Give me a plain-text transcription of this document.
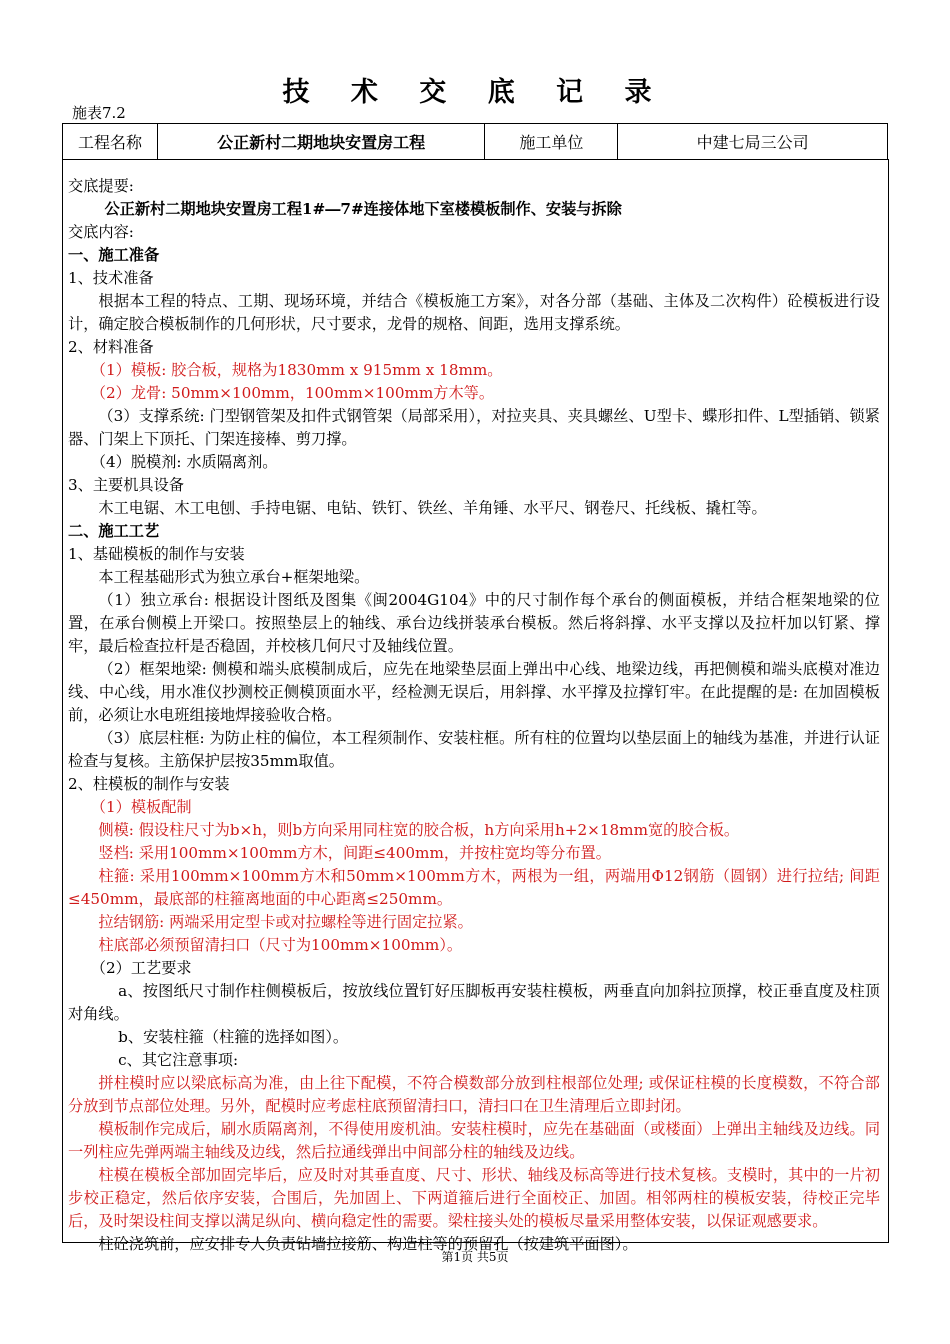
技 术 交 底 记 录
施表7.2
工程名称	公正新村二期地块安置房工程	施工单位	中建七局三公司

交底提要:

公正新村二期地块安置房工程1#―7#连接体地下室楼模板制作、安装与拆除

交底内容:

一、施工准备

1、技术准备

根据本工程的特点、工期、现场环境，并结合《模板施工方案》，对各分部（基础、主体及二次构件）砼模板进行设计，确定胶合模板制作的几何形状，尺寸要求，龙骨的规格、间距，选用支撑系统。

2、材料准备

（1）模板: 胶合板，规格为1830mm x 915mm x 18mm。

（2）龙骨: 50mm×100mm，100mm×100mm方木等。

（3）支撑系统: 门型钢管架及扣件式钢管架（局部采用），对拉夹具、夹具螺丝、U型卡、蝶形扣件、L型插销、锁紧器、门架上下顶托、门架连接棒、剪刀撑。

（4）脱模剂: 水质隔离剂。

3、主要机具设备

木工电锯、木工电刨、手持电锯、电钻、铁钉、铁丝、羊角锤、水平尺、钢卷尺、托线板、撬杠等。

二、施工工艺

1、基础模板的制作与安装

本工程基础形式为独立承台+框架地梁。

（1）独立承台: 根据设计图纸及图集《闽2004G104》中的尺寸制作每个承台的侧面模板，并结合框架地梁的位置，在承台侧模上开梁口。按照垫层上的轴线、承台边线拼装承台模板。然后将斜撑、水平支撑以及拉杆加以钉紧、撑牢，最后检查拉杆是否稳固，并校核几何尺寸及轴线位置。

（2）框架地梁: 侧模和端头底模制成后，应先在地梁垫层面上弹出中心线、地梁边线，再把侧模和端头底模对准边线、中心线，用水准仪抄测校正侧模顶面水平，经检测无误后，用斜撑、水平撑及拉撑钉牢。在此提醒的是: 在加固模板前，必须让水电班组接地焊接验收合格。

（3）底层柱框: 为防止柱的偏位，本工程须制作、安装柱框。所有柱的位置均以垫层面上的轴线为基准，并进行认证检查与复核。主筋保护层按35mm取值。

2、柱模板的制作与安装

（1）模板配制

侧模: 假设柱尺寸为b×h，则b方向采用同柱宽的胶合板，h方向采用h+2×18mm宽的胶合板。

竖档: 采用100mm×100mm方木，间距≤400mm，并按柱宽均等分布置。

柱箍: 采用100mm×100mm方木和50mm×100mm方木，两根为一组，两端用Φ12钢筋（圆钢）进行拉结; 间距≤450mm，最底部的柱箍离地面的中心距离≤250mm。

拉结钢筋: 两端采用定型卡或对拉螺栓等进行固定拉紧。

柱底部必须预留清扫口（尺寸为100mm×100mm）。

（2）工艺要求

a、按图纸尺寸制作柱侧模板后，按放线位置钉好压脚板再安装柱模板，两垂直向加斜拉顶撑，校正垂直度及柱顶对角线。

b、安装柱箍（柱箍的选择如图）。

c、其它注意事项:

拼柱模时应以梁底标高为准，由上往下配模，不符合模数部分放到柱根部位处理; 或保证柱模的长度模数，不符合部分放到节点部位处理。另外，配模时应考虑柱底预留清扫口，清扫口在卫生清理后立即封闭。

模板制作完成后，刷水质隔离剂，不得使用废机油。安装柱模时，应先在基础面（或楼面）上弹出主轴线及边线。同一列柱应先弹两端主轴线及边线，然后拉通线弹出中间部分柱的轴线及边线。

柱模在模板全部加固完毕后，应及时对其垂直度、尺寸、形状、轴线及标高等进行技术复核。支模时，其中的一片初步校正稳定，然后依序安装，合围后，先加固上、下两道箍后进行全面校正、加固。相邻两柱的模板安装，待校正完毕后，及时架设柱间支撑以满足纵向、横向稳定性的需要。梁柱接头处的模板尽量采用整体安装，以保证观感要求。

柱砼浇筑前，应安排专人负责钻墙拉接筋、构造柱等的预留孔（按建筑平面图）。

第1页 共5页
